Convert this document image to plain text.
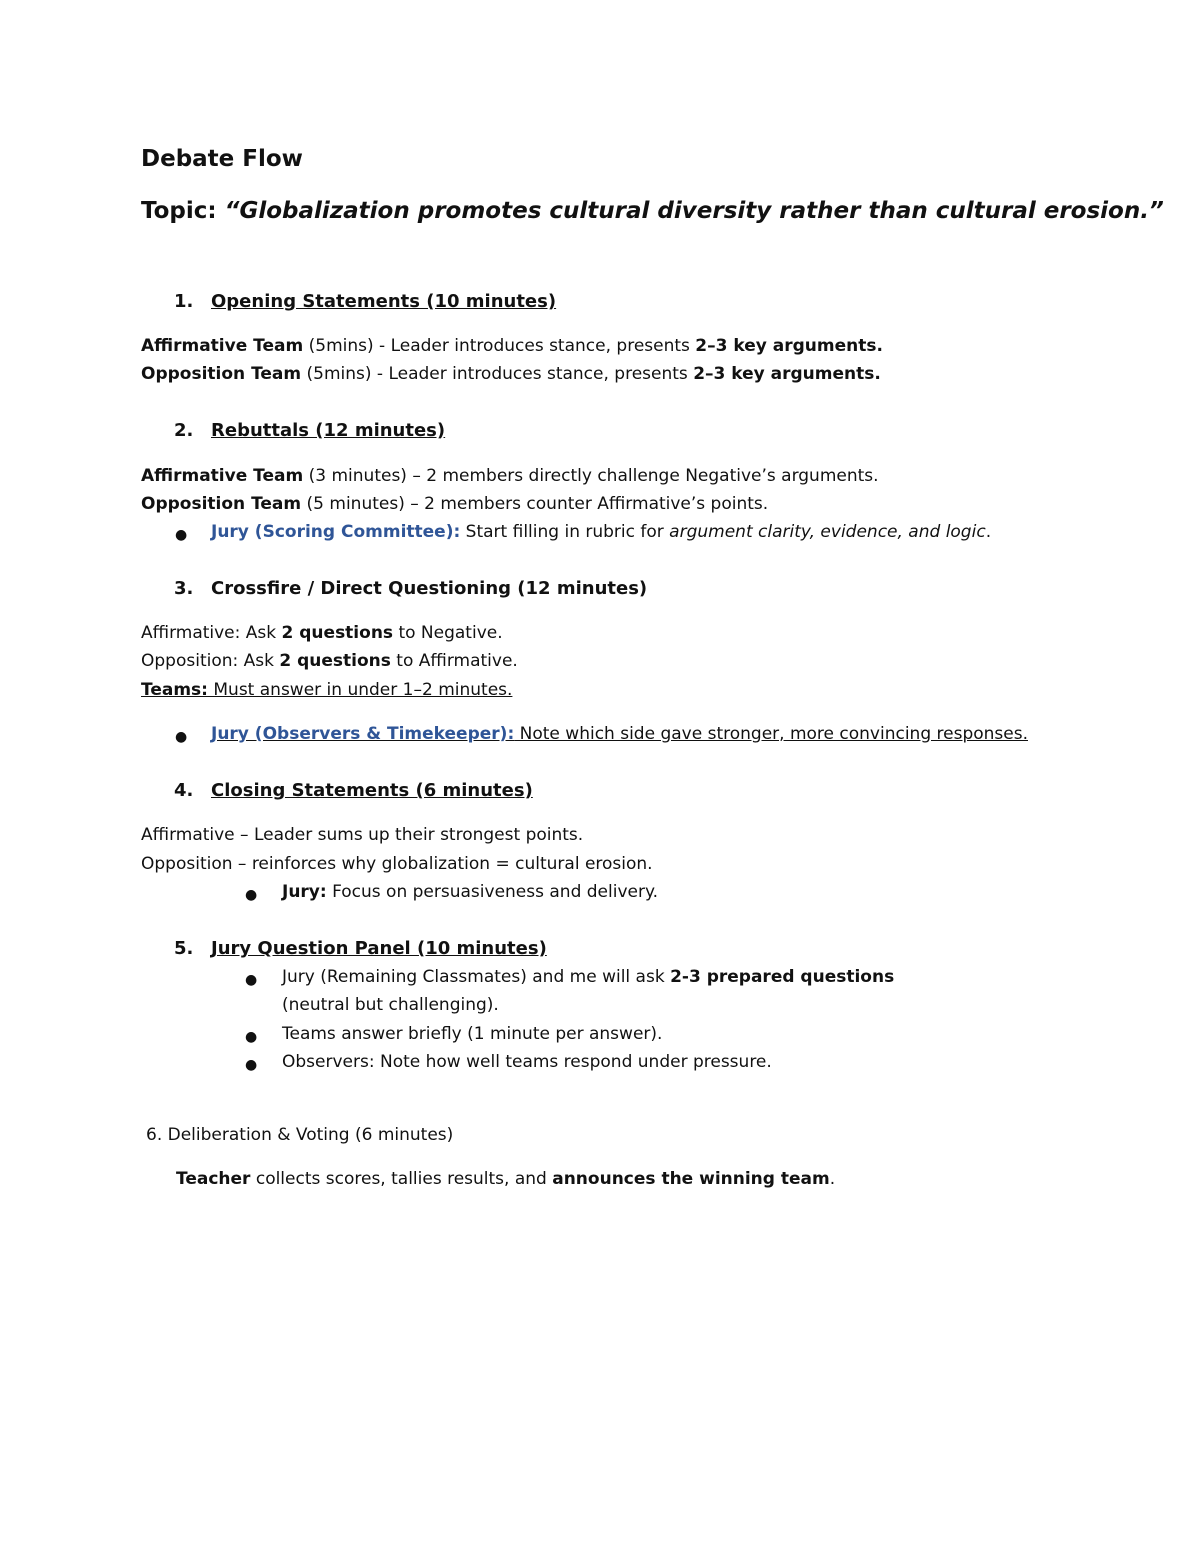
Debate Flow
Topic: “Globalization promotes cultural diversity rather than cultural erosion.”
1. Opening Statements (10 minutes)
Affirmative Team (5mins) - Leader introduces stance, presents 2–3 key arguments.
Opposition Team (5mins) - Leader introduces stance, presents 2–3 key arguments.
2. Rebuttals (12 minutes)
Affirmative Team (3 minutes) – 2 members directly challenge Negative’s arguments.
Opposition Team (5 minutes) – 2 members counter Affirmative’s points.
● Jury (Scoring Committee): Start filling in rubric for argument clarity, evidence, and logic.
3. Crossfire / Direct Questioning (12 minutes)
Affirmative: Ask 2 questions to Negative.
Opposition: Ask 2 questions to Affirmative.
Teams: Must answer in under 1–2 minutes.
● Jury (Observers & Timekeeper): Note which side gave stronger, more convincing responses.
4. Closing Statements (6 minutes)
Affirmative – Leader sums up their strongest points.
Opposition – reinforces why globalization = cultural erosion.
● Jury: Focus on persuasiveness and delivery.
5. Jury Question Panel (10 minutes)
● Jury (Remaining Classmates) and me will ask 2-3 prepared questions
(neutral but challenging).
● Teams answer briefly (1 minute per answer).
● Observers: Note how well teams respond under pressure.
6. Deliberation & Voting (6 minutes)
Teacher collects scores, tallies results, and announces the winning team.
